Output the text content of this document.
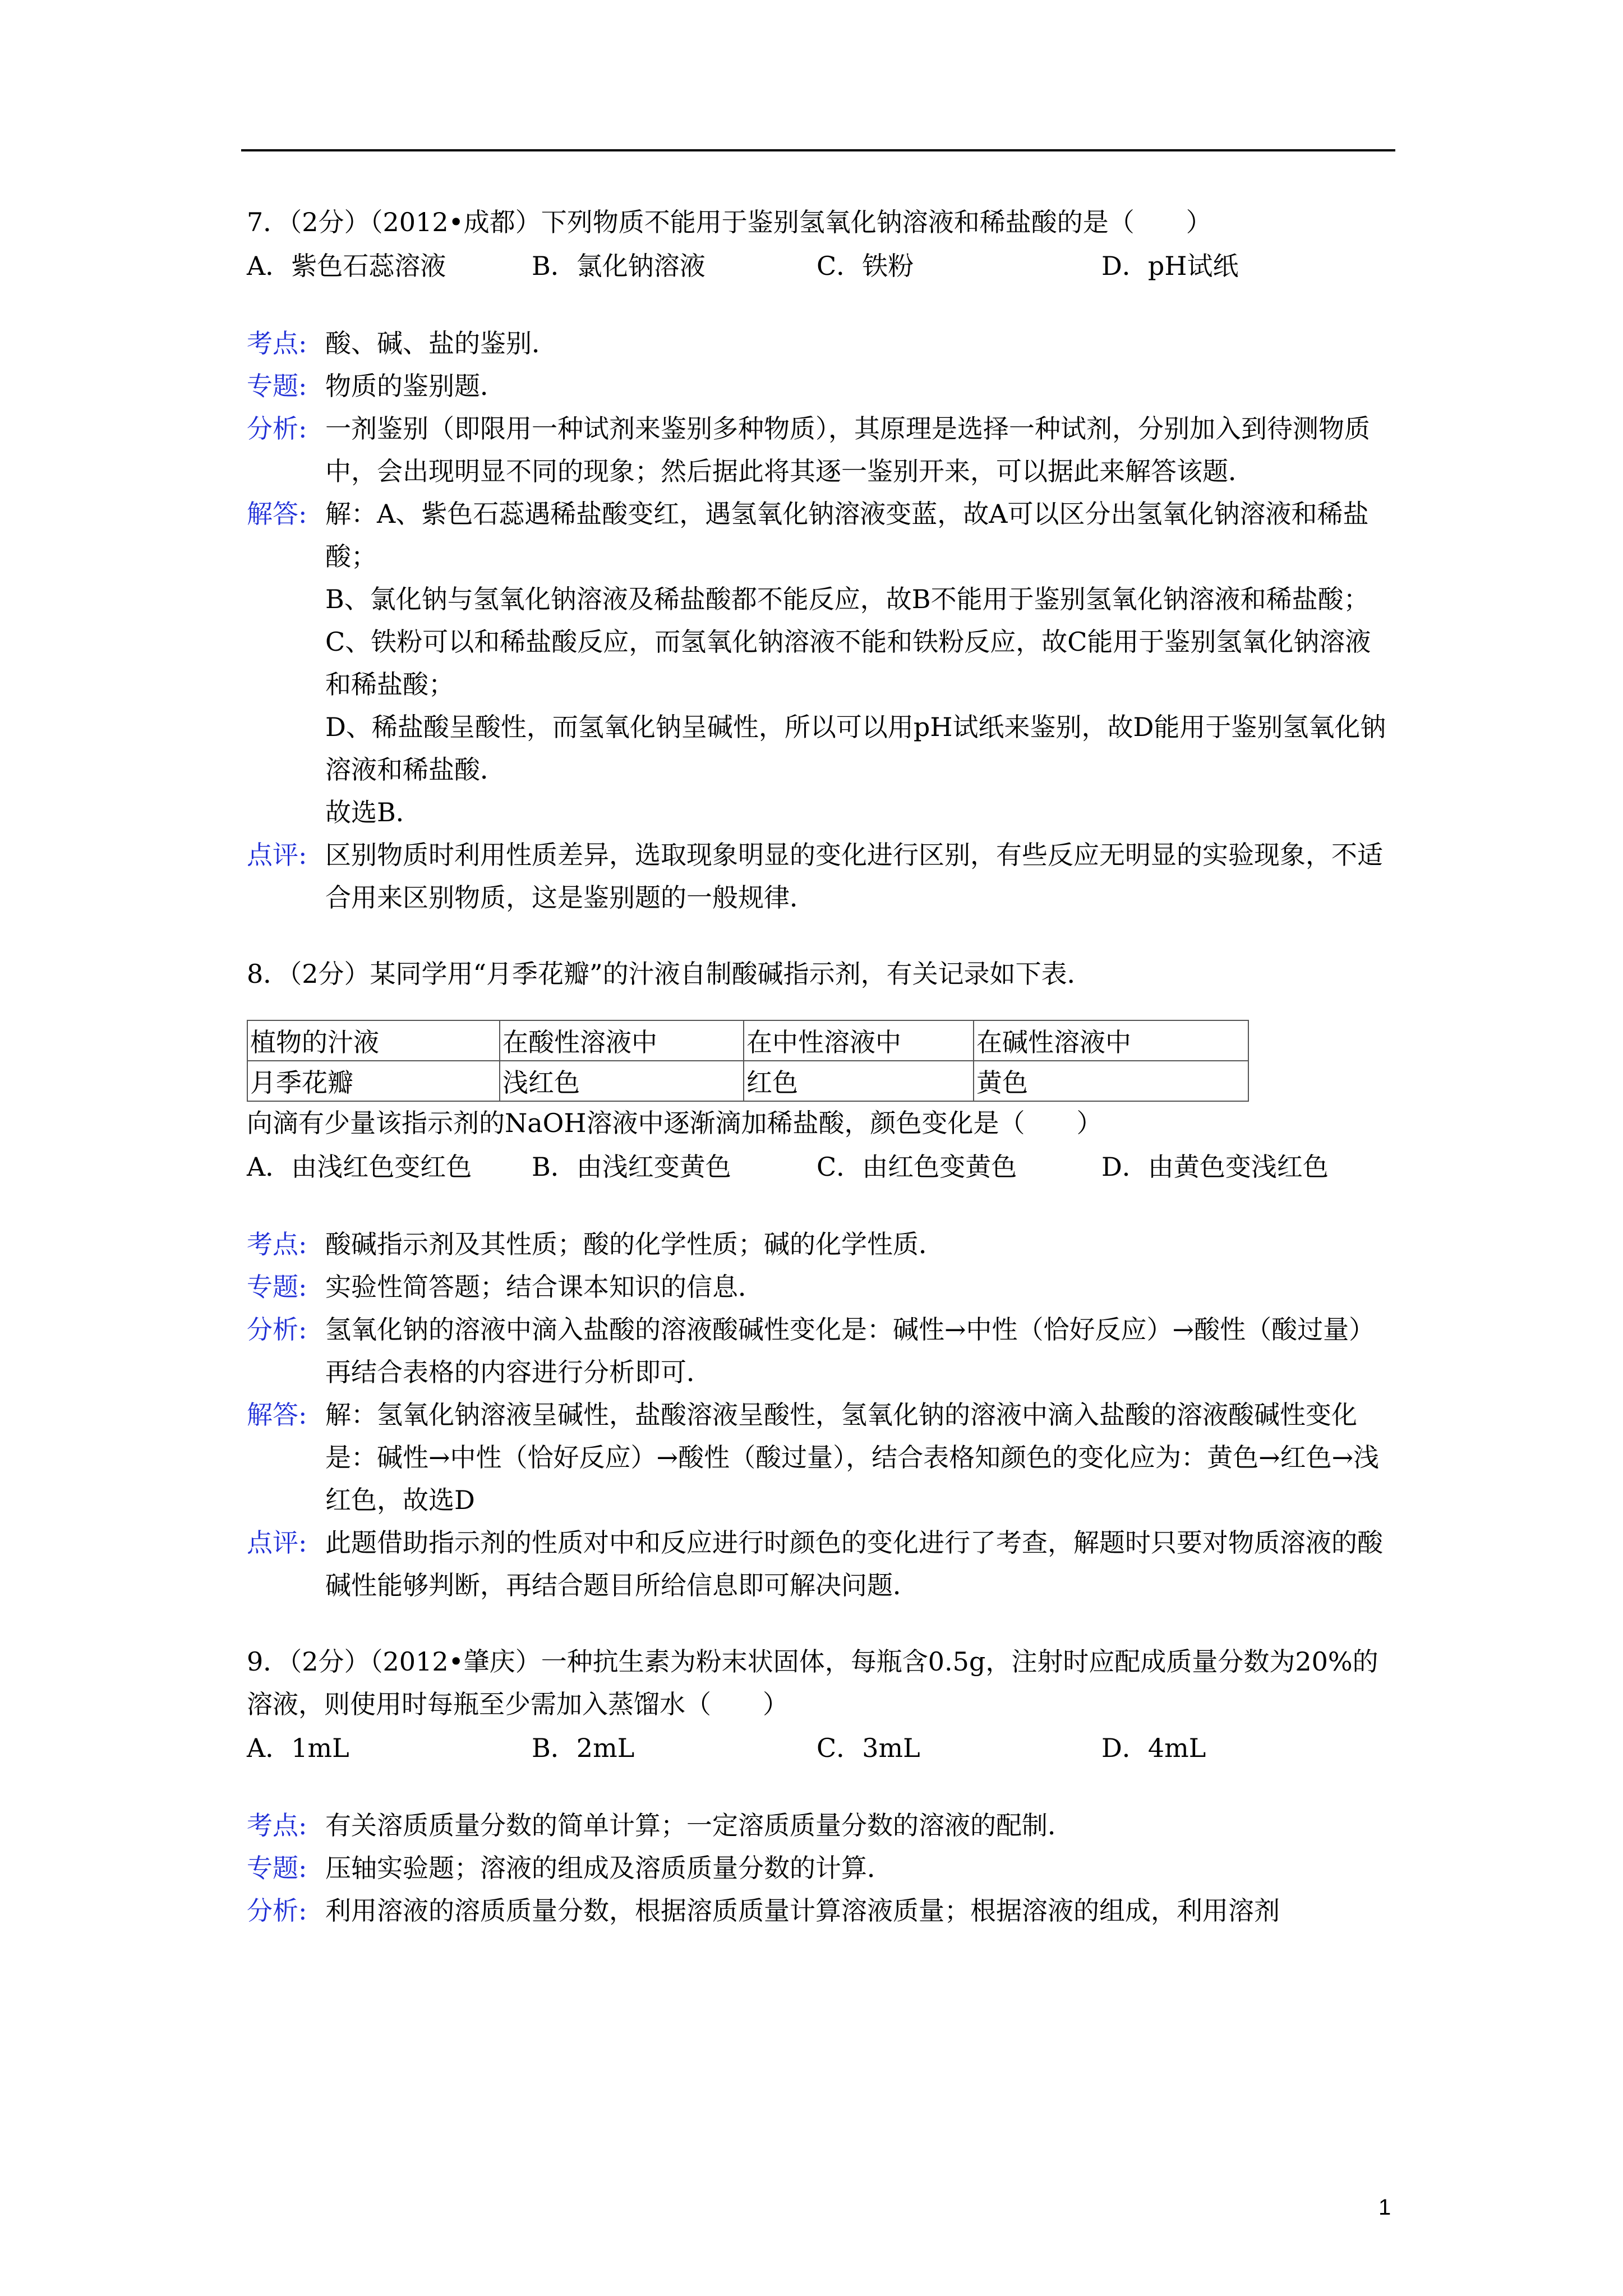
7．（2分）（2012•成都）下列物质不能用于鉴别氢氧化钠溶液和稀盐酸的是（　　）
A．紫色石蕊溶液	B．氯化钠溶液	C．铁粉	D．pH试纸
考点: 酸、碱、盐的鉴别．
专题: 物质的鉴别题．
分析: 一剂鉴别（即限用一种试剂来鉴别多种物质），其原理是选择一种试剂，分别加入到待测物质中，会出现明显不同的现象；然后据此将其逐一鉴别开来，可以据此来解答该题．
解答: 解：A、紫色石蕊遇稀盐酸变红，遇氢氧化钠溶液变蓝，故A可以区分出氢氧化钠溶液和稀盐酸；
B、氯化钠与氢氧化钠溶液及稀盐酸都不能反应，故B不能用于鉴别氢氧化钠溶液和稀盐酸；
C、铁粉可以和稀盐酸反应，而氢氧化钠溶液不能和铁粉反应，故C能用于鉴别氢氧化钠溶液和稀盐酸；
D、稀盐酸呈酸性，而氢氧化钠呈碱性，所以可以用pH试纸来鉴别，故D能用于鉴别氢氧化钠溶液和稀盐酸．
故选B．
点评: 区别物质时利用性质差异，选取现象明显的变化进行区别，有些反应无明显的实验现象，不适合用来区别物质，这是鉴别题的一般规律．
8．（2分）某同学用“月季花瓣”的汁液自制酸碱指示剂，有关记录如下表．
植物的汁液	在酸性溶液中	在中性溶液中	在碱性溶液中
月季花瓣	浅红色	红色	黄色
向滴有少量该指示剂的NaOH溶液中逐渐滴加稀盐酸，颜色变化是（　　）
A．由浅红色变红色	B．由浅红变黄色	C．由红色变黄色	D．由黄色变浅红色
考点: 酸碱指示剂及其性质；酸的化学性质；碱的化学性质．
专题: 实验性简答题；结合课本知识的信息．
分析: 氢氧化钠的溶液中滴入盐酸的溶液酸碱性变化是：碱性→中性（恰好反应）→酸性（酸过量）再结合表格的内容进行分析即可．
解答: 解：氢氧化钠溶液呈碱性，盐酸溶液呈酸性，氢氧化钠的溶液中滴入盐酸的溶液酸碱性变化是：碱性→中性（恰好反应）→酸性（酸过量），结合表格知颜色的变化应为：黄色→红色→浅红色，故选D
点评: 此题借助指示剂的性质对中和反应进行时颜色的变化进行了考查，解题时只要对物质溶液的酸碱性能够判断，再结合题目所给信息即可解决问题．
9．（2分）（2012•肇庆）一种抗生素为粉末状固体，每瓶含0.5g，注射时应配成质量分数为20%的溶液，则使用时每瓶至少需加入蒸馏水（　　）
A．1mL	B．2mL	C．3mL	D．4mL
考点: 有关溶质质量分数的简单计算；一定溶质质量分数的溶液的配制．
专题: 压轴实验题；溶液的组成及溶质质量分数的计算．
分析: 利用溶液的溶质质量分数，根据溶质质量计算溶液质量；根据溶液的组成，利用溶剂
1
